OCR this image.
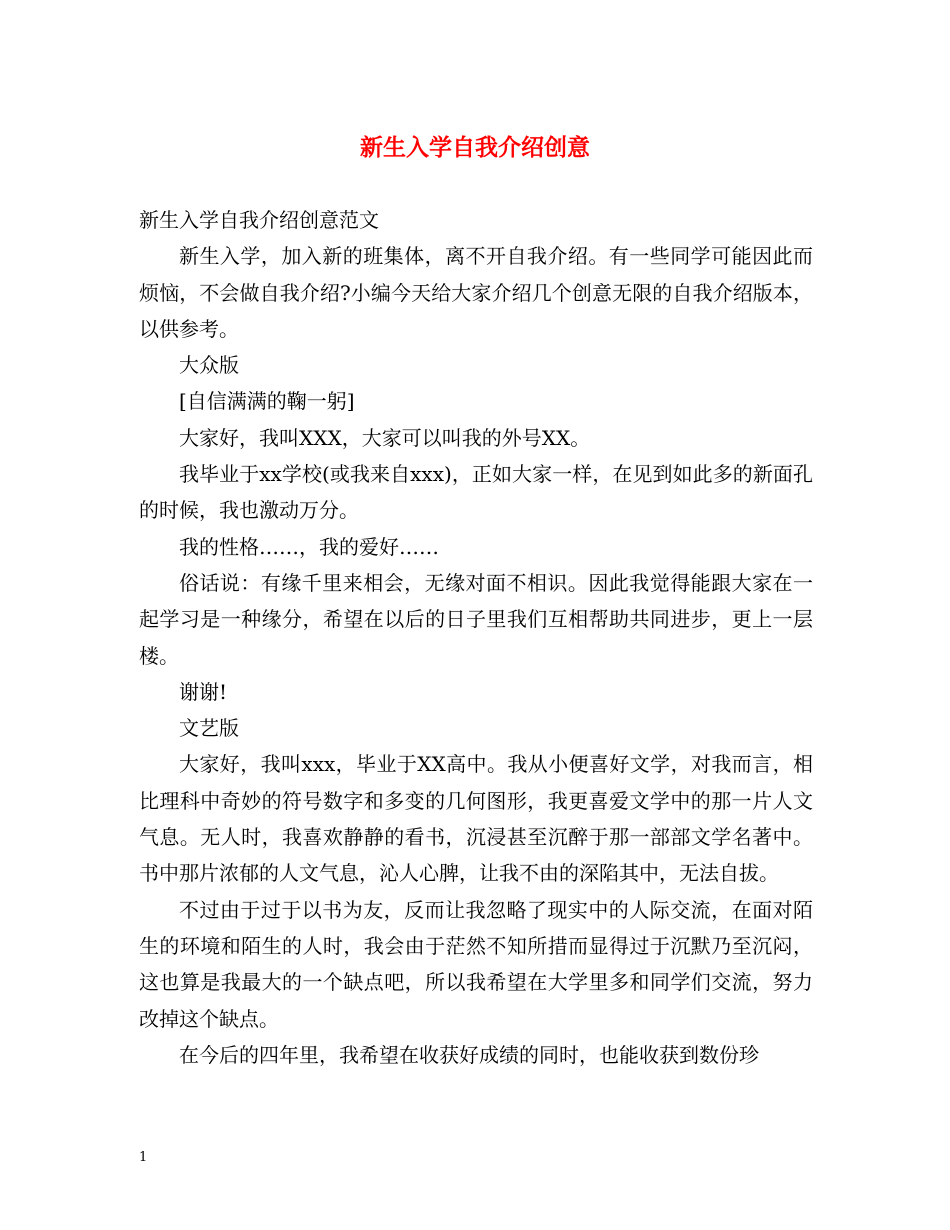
新生入学自我介绍创意

新生入学自我介绍创意范文

新生入学，加入新的班集体，离不开自我介绍。有一些同学可能因此而烦恼，不会做自我介绍?小编今天给大家介绍几个创意无限的自我介绍版本，以供参考。

大众版

[自信满满的鞠一躬]

大家好，我叫XXX，大家可以叫我的外号XX。

我毕业于xx学校(或我来自xxx)，正如大家一样，在见到如此多的新面孔的时候，我也激动万分。

我的性格……，我的爱好……

俗话说：有缘千里来相会，无缘对面不相识。因此我觉得能跟大家在一起学习是一种缘分，希望在以后的日子里我们互相帮助共同进步，更上一层楼。

谢谢!

文艺版

大家好，我叫xxx，毕业于XX高中。我从小便喜好文学，对我而言，相比理科中奇妙的符号数字和多变的几何图形，我更喜爱文学中的那一片人文气息。无人时，我喜欢静静的看书，沉浸甚至沉醉于那一部部文学名著中。书中那片浓郁的人文气息，沁人心脾，让我不由的深陷其中，无法自拔。

不过由于过于以书为友，反而让我忽略了现实中的人际交流，在面对陌生的环境和陌生的人时，我会由于茫然不知所措而显得过于沉默乃至沉闷，这也算是我最大的一个缺点吧，所以我希望在大学里多和同学们交流，努力改掉这个缺点。

在今后的四年里，我希望在收获好成绩的同时，也能收获到数份珍

1
